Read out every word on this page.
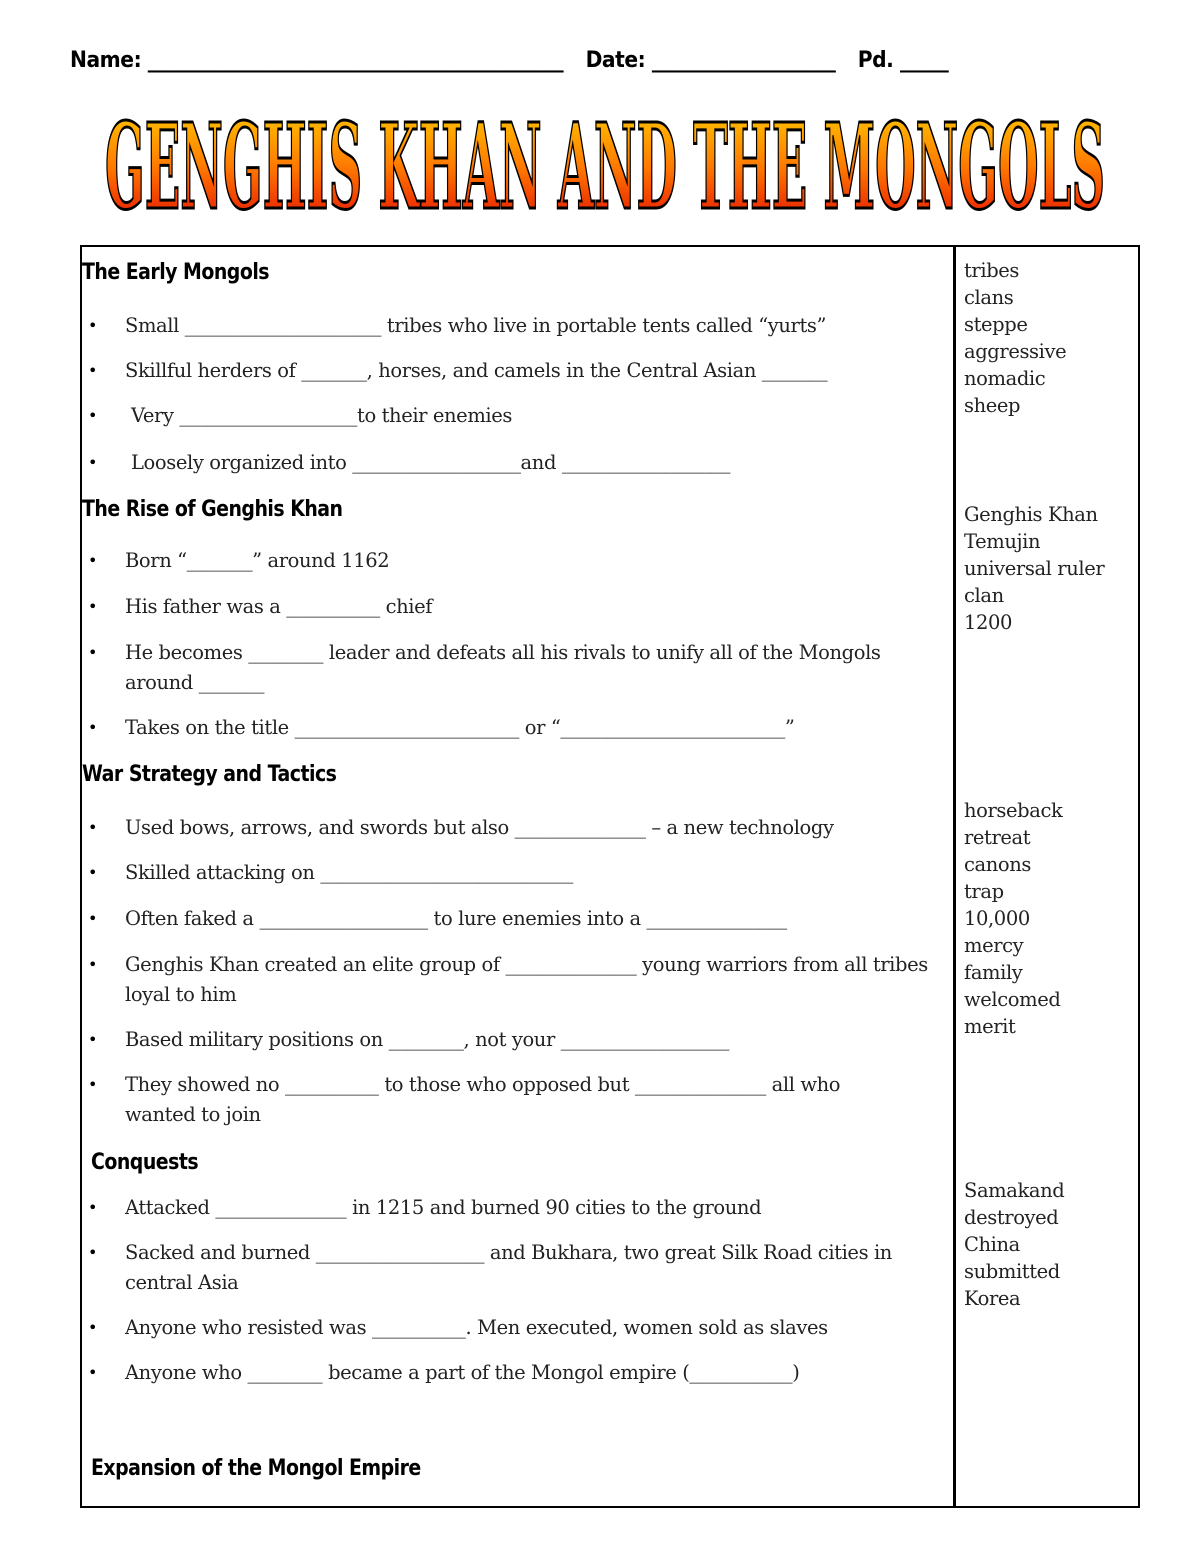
Name: ___________________________________________ Date: ___________________ Pd. _____
GENGHIS KHAN AND THE MONGOLS
The Early Mongols
• Small _____________________ tribes who live in portable tents called “yurts”
• Skillful herders of _______, horses, and camels in the Central Asian _______
• Very ___________________to their enemies
• Loosely organized into __________________and __________________
tribes
clans
steppe
aggressive
nomadic
sheep
The Rise of Genghis Khan
• Born “_______” around 1162
• His father was a __________ chief
• He becomes ________ leader and defeats all his rivals to unify all of the Mongols around _______
• Takes on the title ________________________ or “________________________”
Genghis Khan
Temujin
universal ruler
clan
1200
War Strategy and Tactics
• Used bows, arrows, and swords but also ______________ – a new technology
• Skilled attacking on ___________________________
• Often faked a __________________ to lure enemies into a _______________
• Genghis Khan created an elite group of ______________ young warriors from all tribes loyal to him
• Based military positions on ________, not your __________________
• They showed no __________ to those who opposed but ______________ all who wanted to join
horseback
retreat
canons
trap
10,000
mercy
family
welcomed
merit
Conquests
• Attacked ______________ in 1215 and burned 90 cities to the ground
• Sacked and burned __________________ and Bukhara, two great Silk Road cities in central Asia
• Anyone who resisted was __________. Men executed, women sold as slaves
• Anyone who ________ became a part of the Mongol empire (___________)
Samakand
destroyed
China
submitted
Korea
Expansion of the Mongol Empire
